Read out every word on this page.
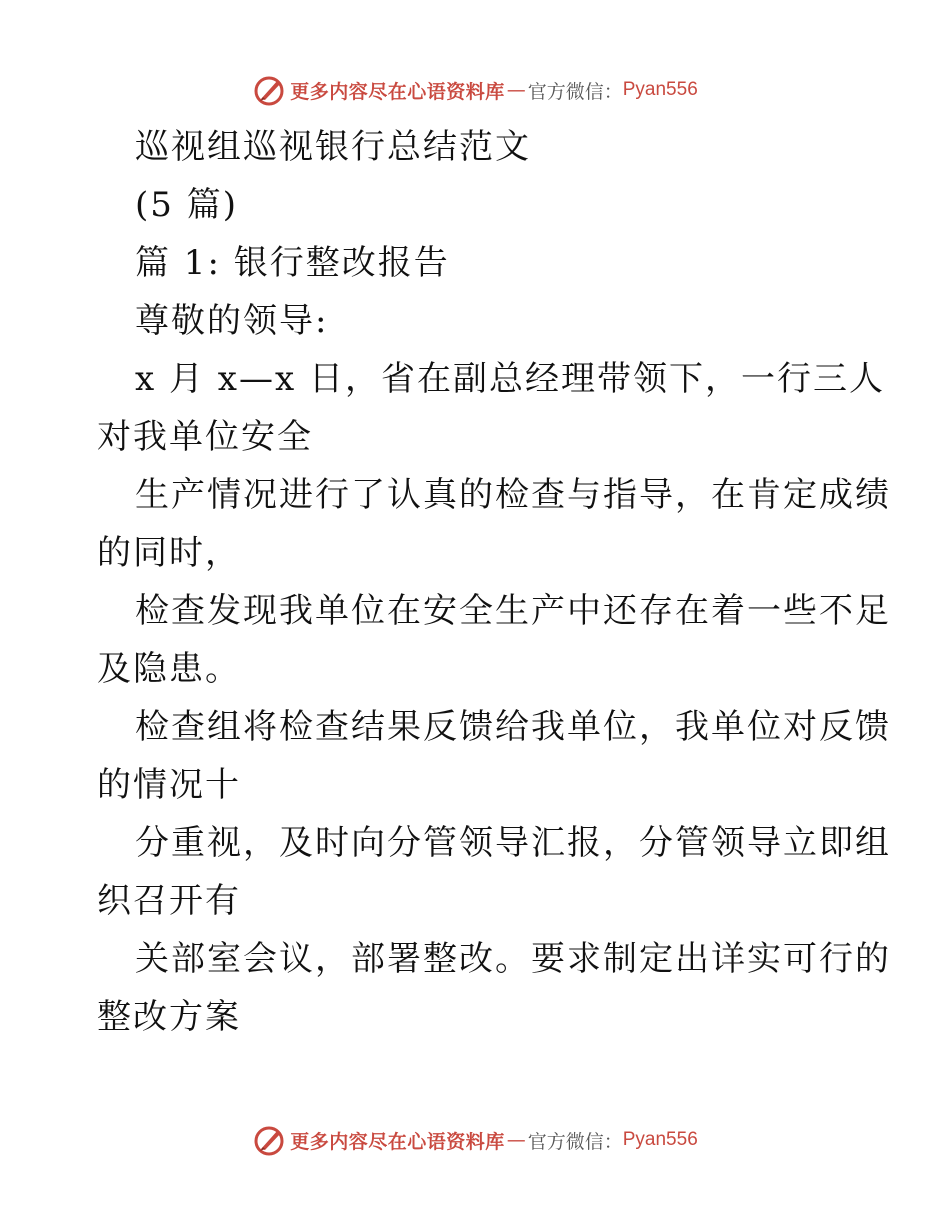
更多内容尽在心语资料库 — 官方微信： Pyan556
巡视组巡视银行总结范文
(5 篇)
篇 1: 银行整改报告
尊敬的领导:
x 月 x—x 日，省在副总经理带领下，一行三人
对我单位安全
生产情况进行了认真的检查与指导，在肯定成绩
的同时，
检查发现我单位在安全生产中还存在着一些不足
及隐患。
检查组将检查结果反馈给我单位，我单位对反馈
的情况十
分重视，及时向分管领导汇报，分管领导立即组
织召开有
关部室会议，部署整改。要求制定出详实可行的
整改方案
更多内容尽在心语资料库 — 官方微信： Pyan556
